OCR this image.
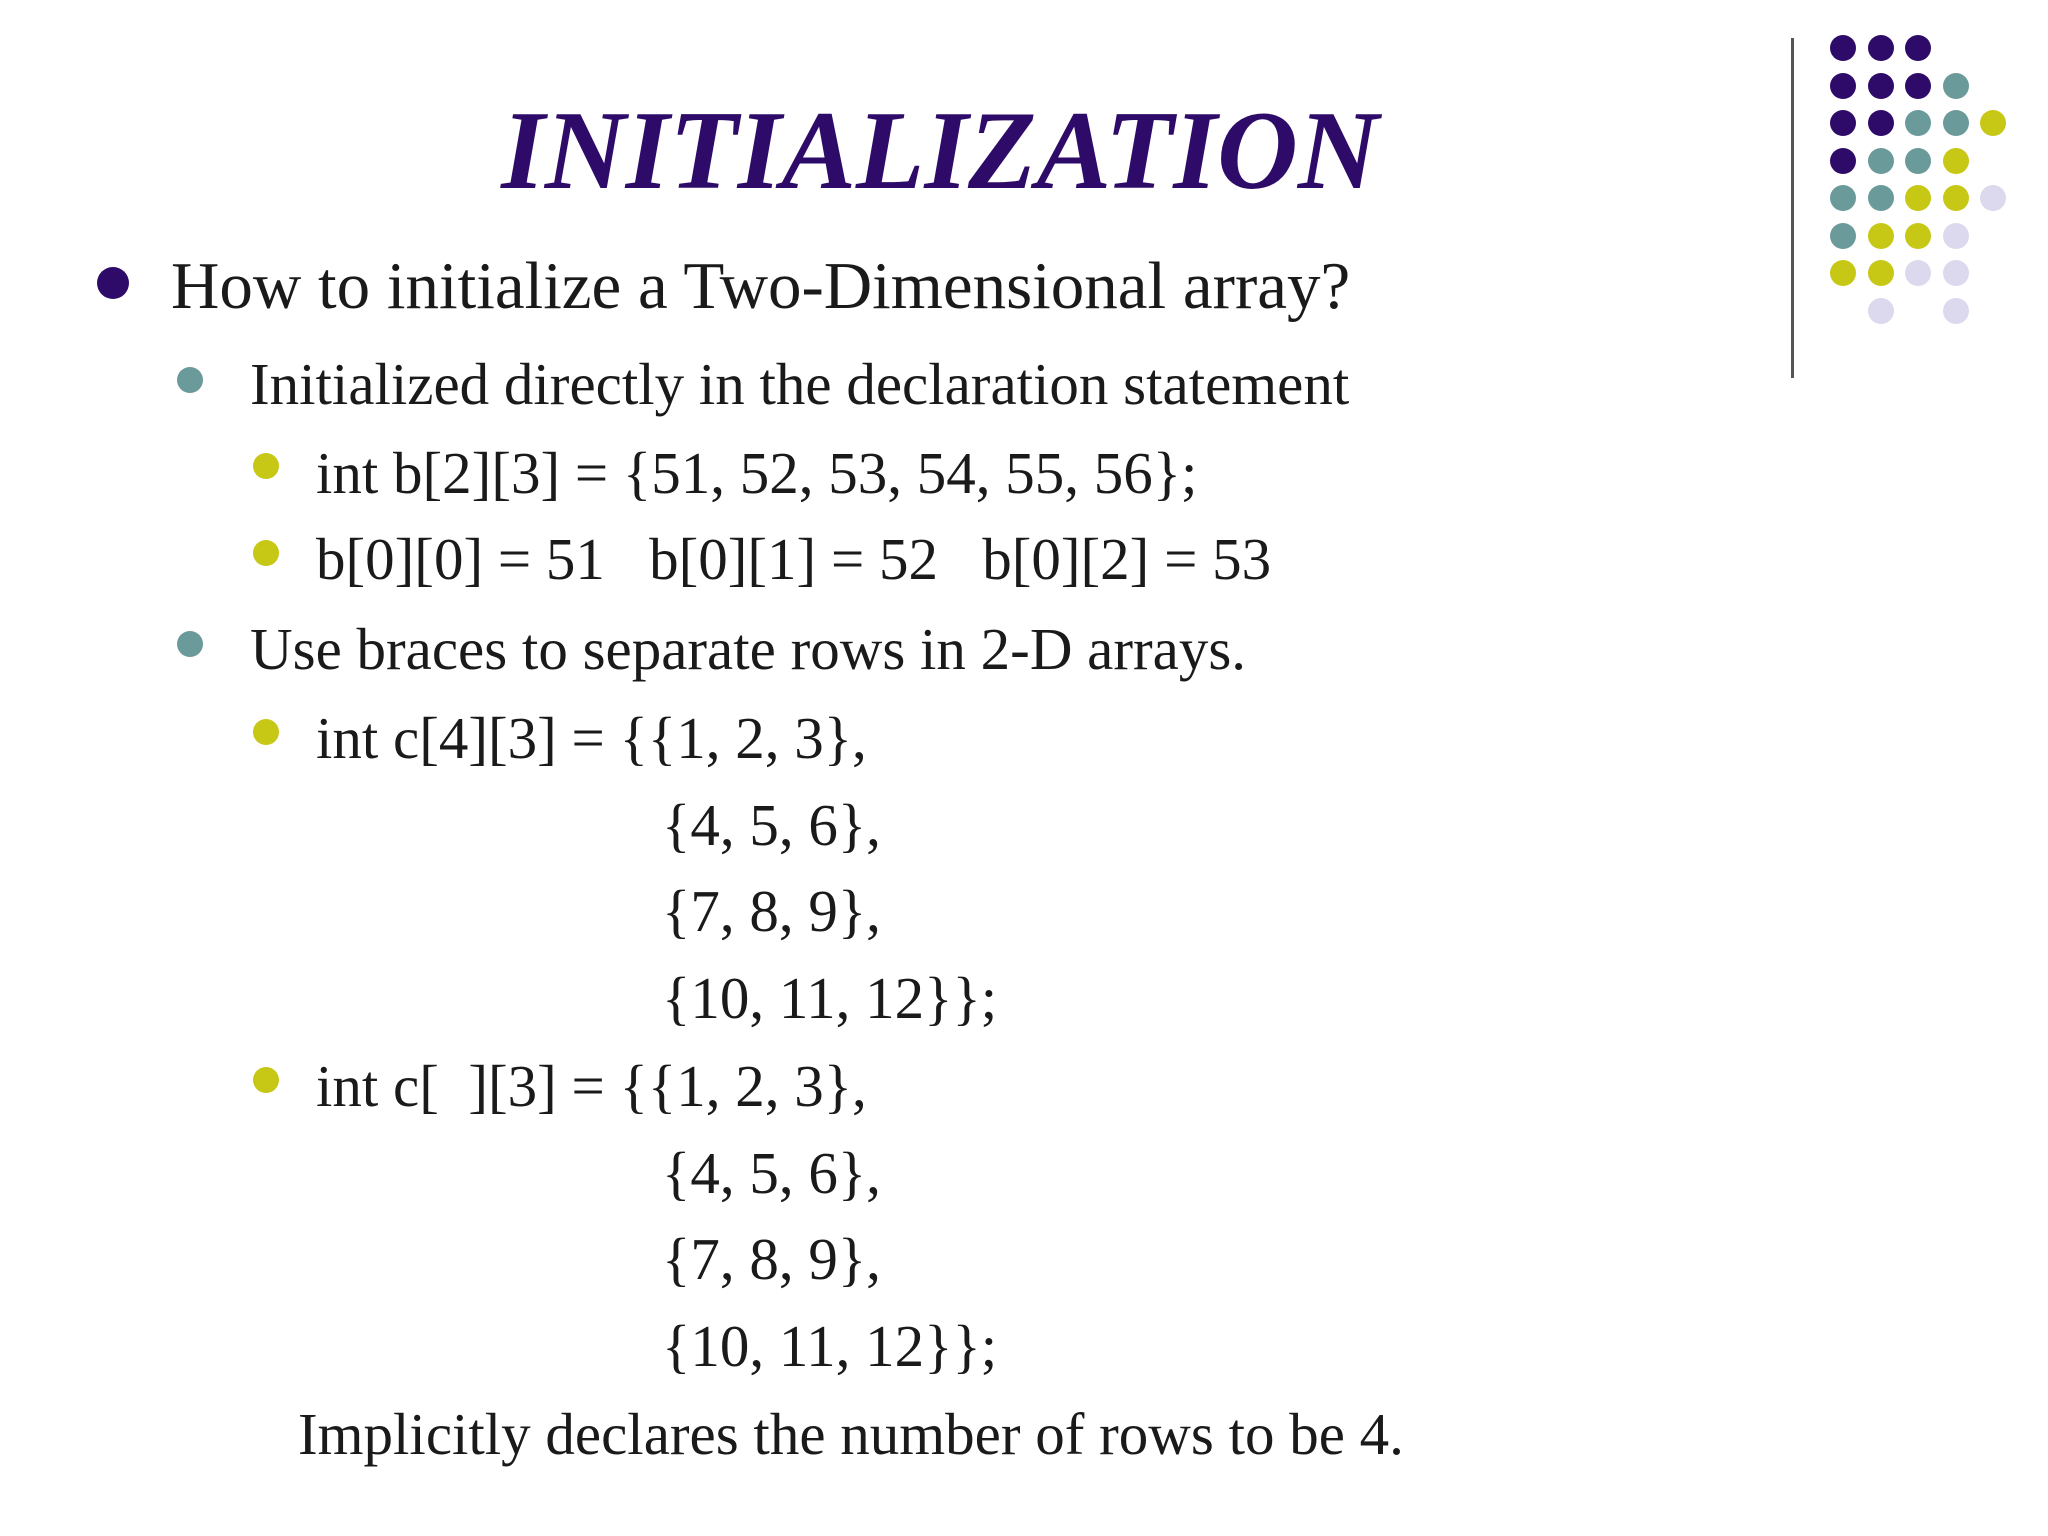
INITIALIZATION
How to initialize a Two-Dimensional array?
Initialized directly in the declaration statement
int b[2][3] = {51, 52, 53, 54, 55, 56};
b[0][0] = 51   b[0][1] = 52   b[0][2] = 53
Use braces to separate rows in 2-D arrays.
int c[4][3] = {{1, 2, 3},
{4, 5, 6},
{7, 8, 9},
{10, 11, 12}};
int c[  ][3] = {{1, 2, 3},
{4, 5, 6},
{7, 8, 9},
{10, 11, 12}};
Implicitly declares the number of rows to be 4.
